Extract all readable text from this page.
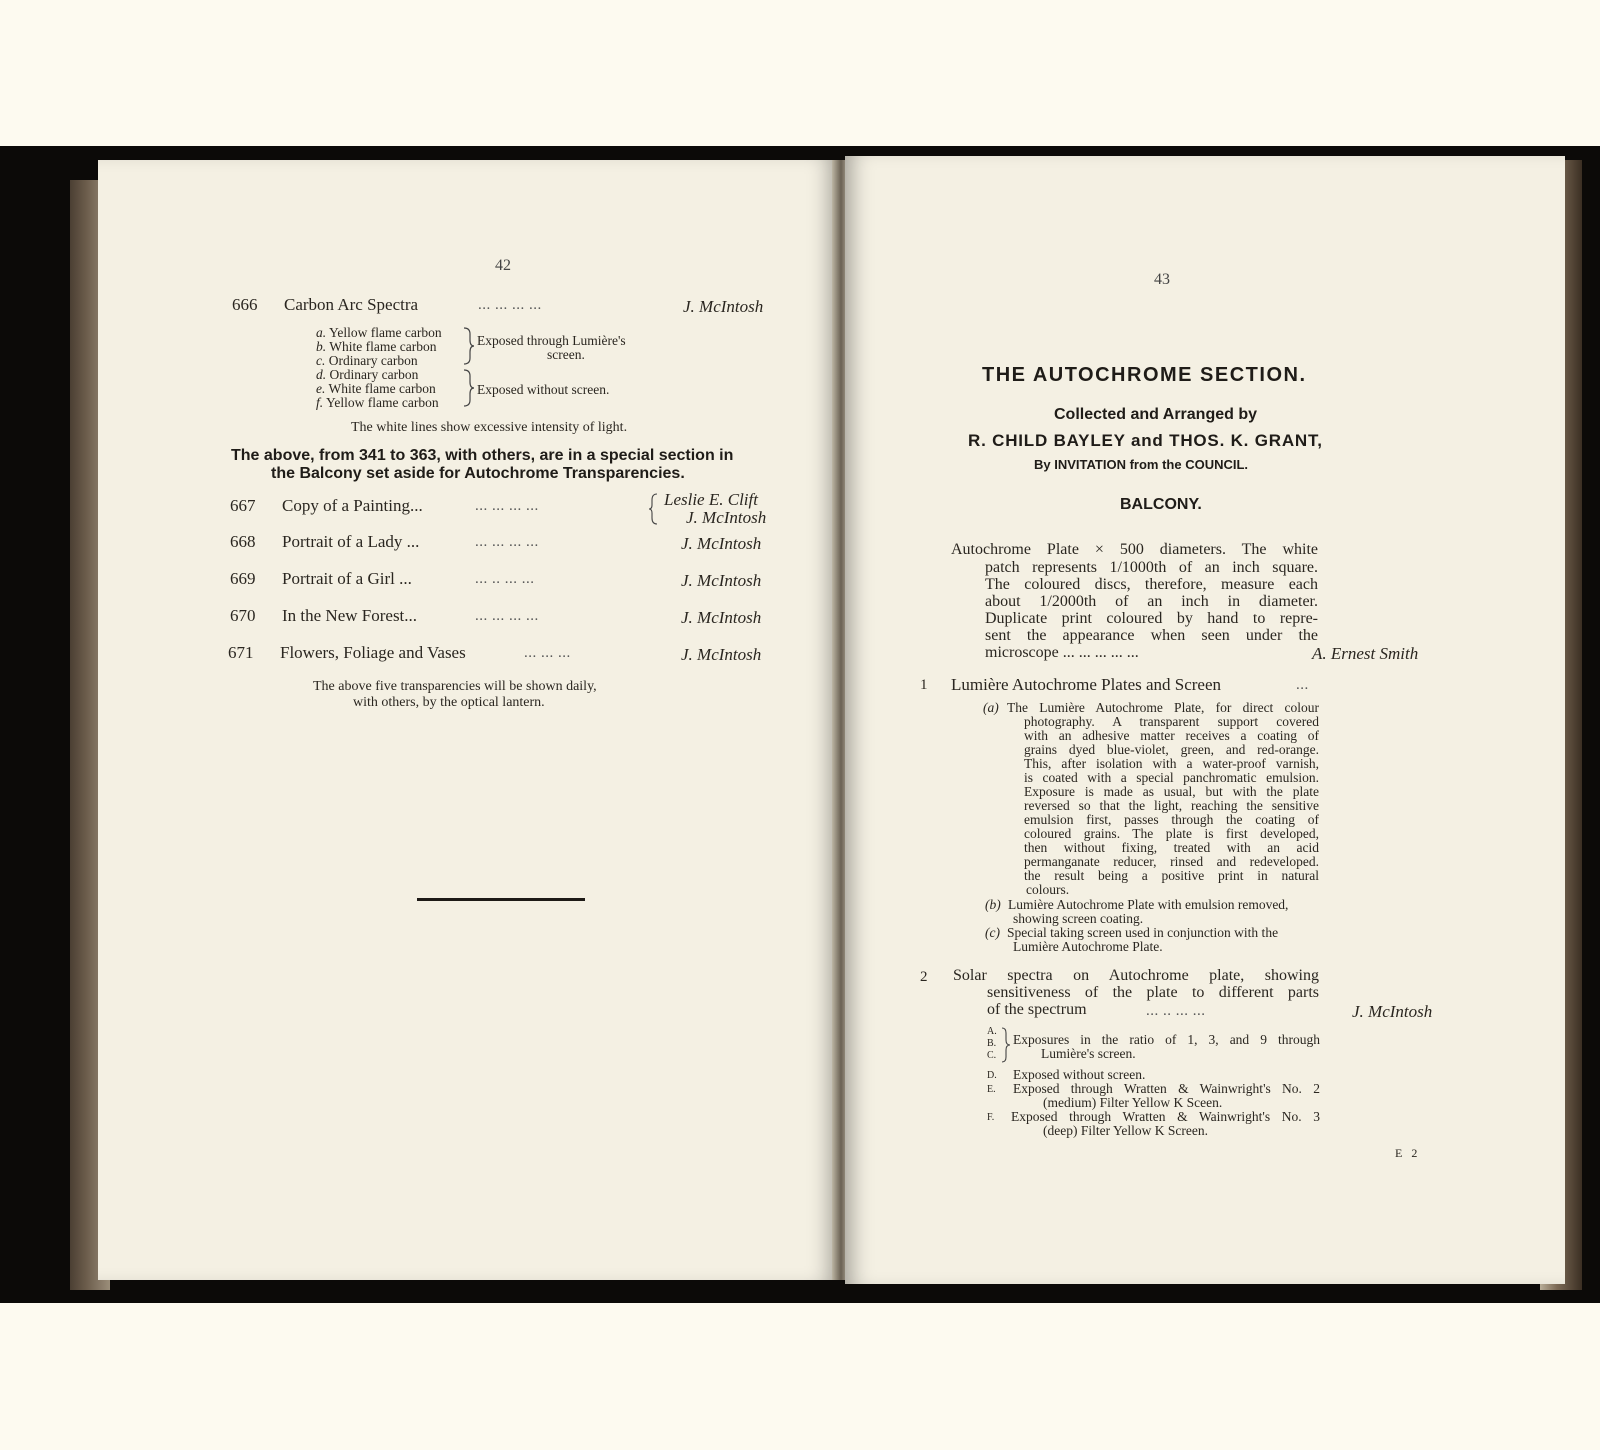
42
666 Carbon Arc Spectra	... ... ... ...	J. McIntosh
a. Yellow flame carbon
b. White flame carbon
c. Ordinary carbon
d. Ordinary carbon
e. White flame carbon
f. Yellow flame carbon
Exposed through Lumière's
screen.
Exposed without screen.
The white lines show excessive intensity of light.
The above, from 341 to 363, with others, are in a special section in
the Balcony set aside for Autochrome Transparencies.
667 Copy of a Painting...	... ... ... ...	Leslie E. Clift
J. McIntosh
668 Portrait of a Lady ...	... ... ... ...	J. McIntosh
669 Portrait of a Girl ...	... .. ... ...	J. McIntosh
670 In the New Forest...	... ... ... ...	J. McIntosh
671 Flowers, Foliage and Vases	... ... ...	J. McIntosh
The above five transparencies will be shown daily,
with others, by the optical lantern.
43
THE AUTOCHROME SECTION.
Collected and Arranged by
R. CHILD BAYLEY and THOS. K. GRANT,
By INVITATION from the COUNCIL.
BALCONY.
Autochrome Plate × 500 diameters. The white
patch represents 1/1000th of an inch square.
The coloured discs, therefore, measure each
about 1/2000th of an inch in diameter.
Duplicate print coloured by hand to repre-
sent the appearance when seen under the
microscope ... ... ... ... ...	A. Ernest Smith
1 Lumière Autochrome Plates and Screen	...
(a) The Lumière Autochrome Plate, for direct colour
photography. A transparent support covered
with an adhesive matter receives a coating of
grains dyed blue-violet, green, and red-orange.
This, after isolation with a water-proof varnish,
is coated with a special panchromatic emulsion.
Exposure is made as usual, but with the plate
reversed so that the light, reaching the sensitive
emulsion first, passes through the coating of
coloured grains. The plate is first developed,
then without fixing, treated with an acid
permanganate reducer, rinsed and redeveloped.
the result being a positive print in natural
colours.
(b) Lumière Autochrome Plate with emulsion removed,
showing screen coating.
(c) Special taking screen used in conjunction with the
Lumière Autochrome Plate.
2 Solar spectra on Autochrome plate, showing
sensitiveness of the plate to different parts
of the spectrum	... .. ... ...	J. McIntosh
A.
B.
C.
Exposures in the ratio of 1, 3, and 9 through
Lumière's screen.
D. Exposed without screen.
E. Exposed through Wratten & Wainwright's No. 2
(medium) Filter Yellow K Sceen.
F. Exposed through Wratten & Wainwright's No. 3
(deep) Filter Yellow K Screen.
E 2
